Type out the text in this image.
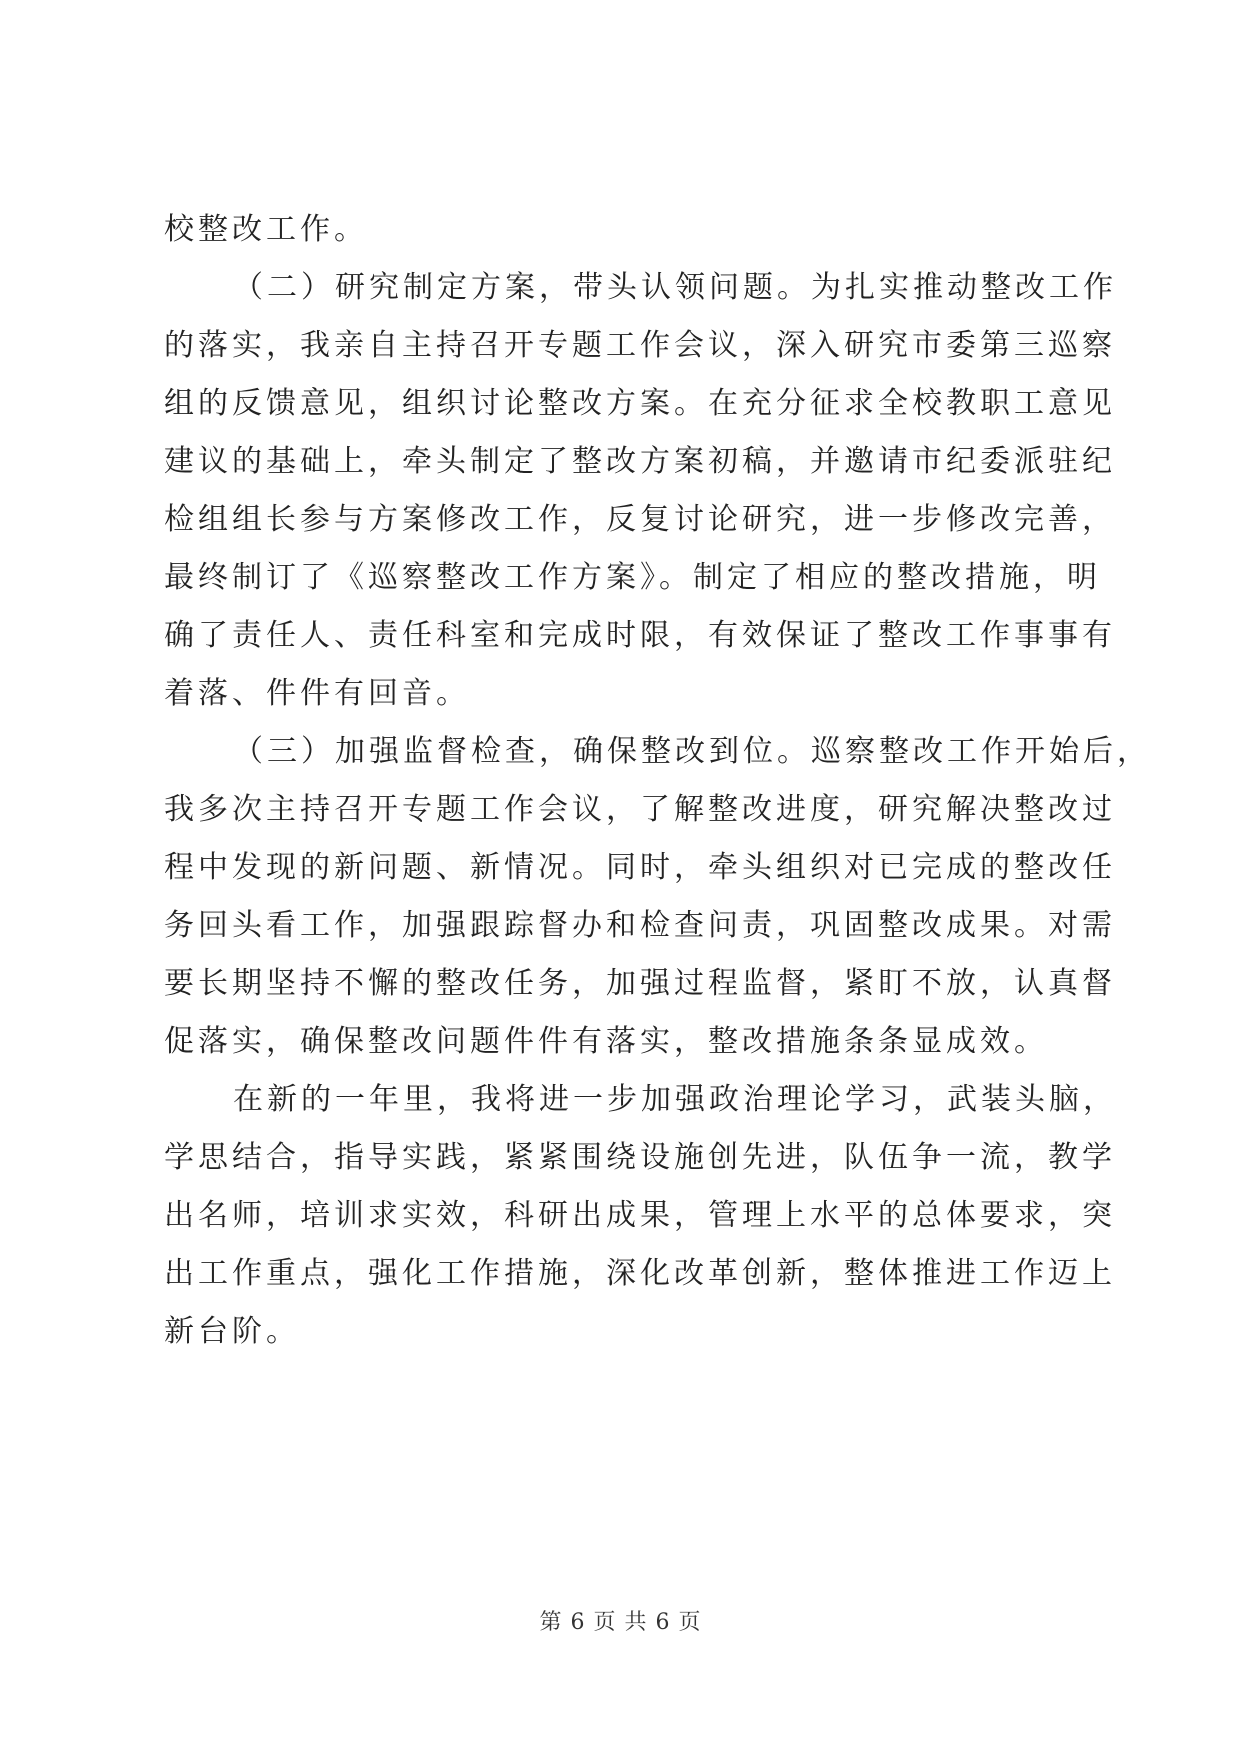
校整改工作。
（二）研究制定方案，带头认领问题。为扎实推动整改工作
的落实，我亲自主持召开专题工作会议，深入研究市委第三巡察
组的反馈意见，组织讨论整改方案。在充分征求全校教职工意见
建议的基础上，牵头制定了整改方案初稿，并邀请市纪委派驻纪
检组组长参与方案修改工作，反复讨论研究，进一步修改完善，
最终制订了《巡察整改工作方案》。制定了相应的整改措施，明
确了责任人、责任科室和完成时限，有效保证了整改工作事事有
着落、件件有回音。
（三）加强监督检查，确保整改到位。巡察整改工作开始后，
我多次主持召开专题工作会议，了解整改进度，研究解决整改过
程中发现的新问题、新情况。同时，牵头组织对已完成的整改任
务回头看工作，加强跟踪督办和检查问责，巩固整改成果。对需
要长期坚持不懈的整改任务，加强过程监督，紧盯不放，认真督
促落实，确保整改问题件件有落实，整改措施条条显成效。
在新的一年里，我将进一步加强政治理论学习，武装头脑，
学思结合，指导实践，紧紧围绕设施创先进，队伍争一流，教学
出名师，培训求实效，科研出成果，管理上水平的总体要求，突
出工作重点，强化工作措施，深化改革创新，整体推进工作迈上
新台阶。
第 6 页 共 6 页
